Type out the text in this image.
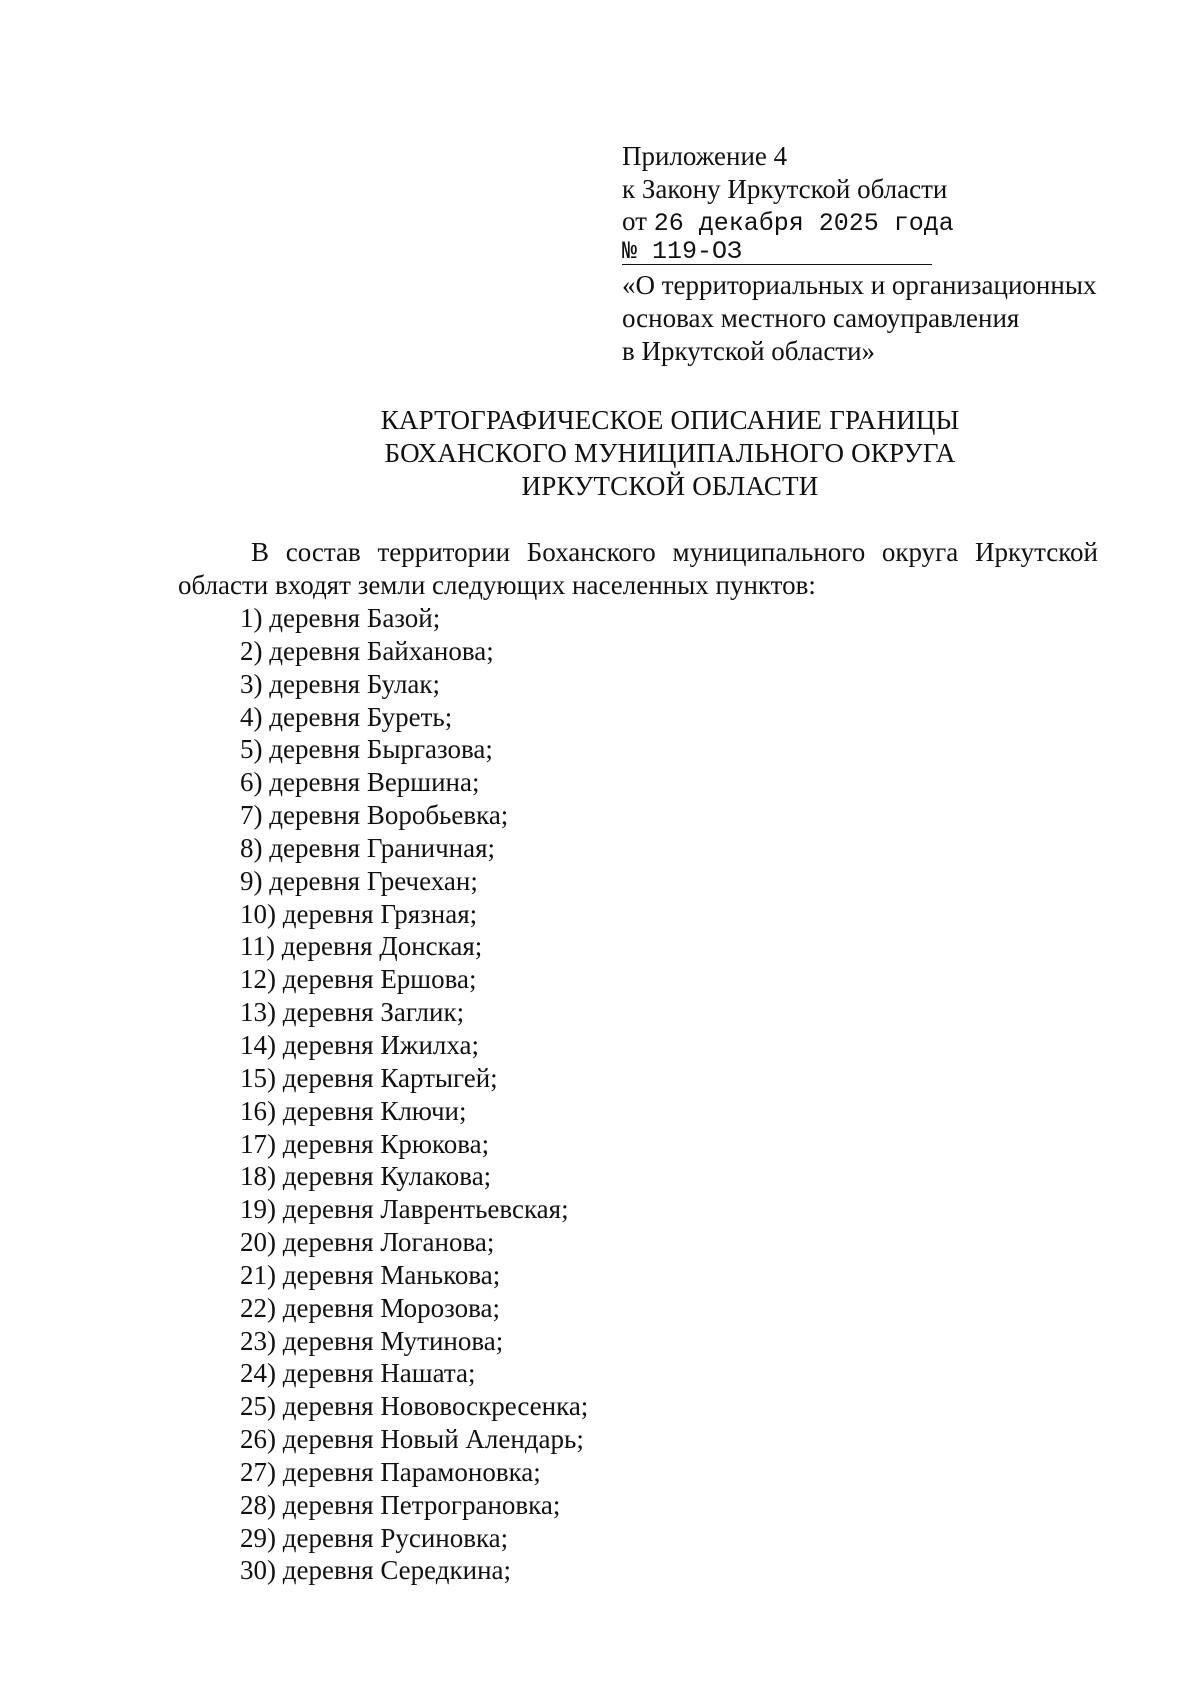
Приложение 4
к Закону Иркутской области
от 26 декабря 2025 года
№ 119-ОЗ
«О территориальных и организационных
основах местного самоуправления
в Иркутской области»
КАРТОГРАФИЧЕСКОЕ ОПИСАНИЕ ГРАНИЦЫ
БОХАНСКОГО МУНИЦИПАЛЬНОГО ОКРУГА
ИРКУТСКОЙ ОБЛАСТИ
В состав территории Боханского муниципального округа Иркутской области входят земли следующих населенных пунктов:
1) деревня Базой;
2) деревня Байханова;
3) деревня Булак;
4) деревня Буреть;
5) деревня Быргазова;
6) деревня Вершина;
7) деревня Воробьевка;
8) деревня Граничная;
9) деревня Гречехан;
10) деревня Грязная;
11) деревня Донская;
12) деревня Ершова;
13) деревня Заглик;
14) деревня Ижилха;
15) деревня Картыгей;
16) деревня Ключи;
17) деревня Крюкова;
18) деревня Кулакова;
19) деревня Лаврентьевская;
20) деревня Логанова;
21) деревня Манькова;
22) деревня Морозова;
23) деревня Мутинова;
24) деревня Нашата;
25) деревня Нововоскресенка;
26) деревня Новый Алендарь;
27) деревня Парамоновка;
28) деревня Петрограновка;
29) деревня Русиновка;
30) деревня Середкина;
